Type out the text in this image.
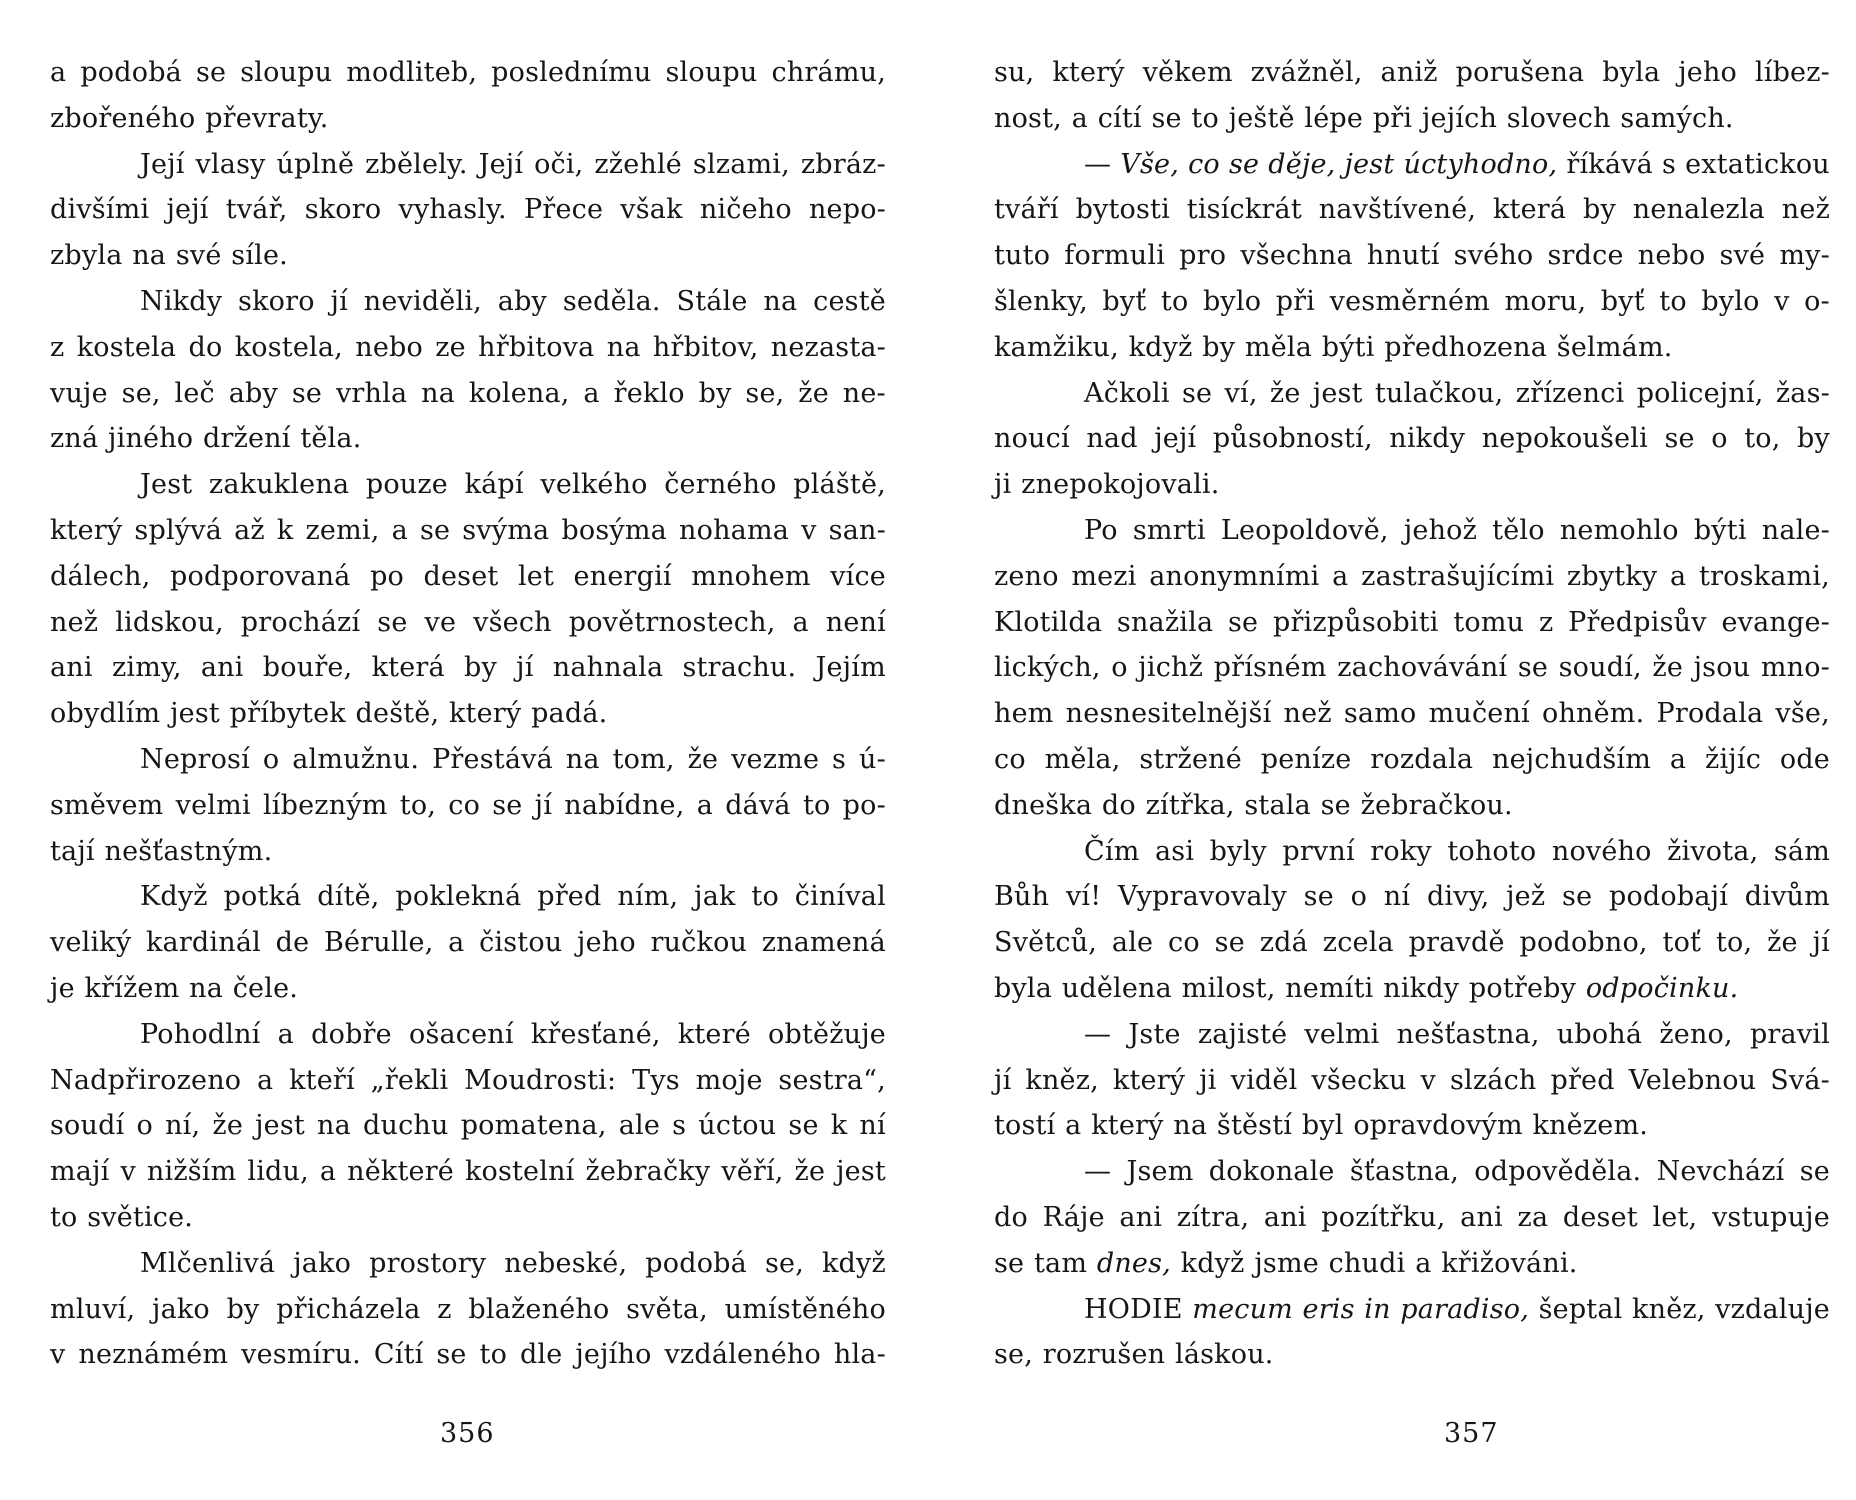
a podobá se sloupu modliteb, poslednímu sloupu chrámu,
zbořeného převraty.
Její vlasy úplně zbělely. Její oči, zžehlé slzami, zbráz-
divšími její tvář, skoro vyhasly. Přece však ničeho nepo-
zbyla na své síle.
Nikdy skoro jí neviděli, aby seděla. Stále na cestě
z kostela do kostela, nebo ze hřbitova na hřbitov, nezasta-
vuje se, leč aby se vrhla na kolena, a řeklo by se, že ne-
zná jiného držení těla.
Jest zakuklena pouze kápí velkého černého pláště,
který splývá až k zemi, a se svýma bosýma nohama v san-
dálech, podporovaná po deset let energií mnohem více
než lidskou, prochází se ve všech povětrnostech, a není
ani zimy, ani bouře, která by jí nahnala strachu. Jejím
obydlím jest příbytek deště, který padá.
Neprosí o almužnu. Přestává na tom, že vezme s ú-
směvem velmi líbezným to, co se jí nabídne, a dává to po-
tají nešťastným.
Když potká dítě, poklekná před ním, jak to činíval
veliký kardinál de Bérulle, a čistou jeho ručkou znamená
je křížem na čele.
Pohodlní a dobře ošacení křesťané, které obtěžuje
Nadpřirozeno a kteří „řekli Moudrosti: Tys moje sestra“,
soudí o ní, že jest na duchu pomatena, ale s úctou se k ní
mají v nižším lidu, a některé kostelní žebračky věří, že jest
to světice.
Mlčenlivá jako prostory nebeské, podobá se, když
mluví, jako by přicházela z blaženého světa, umístěného
v neznámém vesmíru. Cítí se to dle jejího vzdáleného hla-
356
su, který věkem zvážněl, aniž porušena byla jeho líbez-
nost, a cítí se to ještě lépe při jejích slovech samých.
— Vše, co se děje, jest úctyhodno, říkává s extatickou
tváří bytosti tisíckrát navštívené, která by nenalezla než
tuto formuli pro všechna hnutí svého srdce nebo své my-
šlenky, byť to bylo při vesměrném moru, byť to bylo v o-
kamžiku, když by měla býti předhozena šelmám.
Ačkoli se ví, že jest tulačkou, zřízenci policejní, žas-
noucí nad její působností, nikdy nepokoušeli se o to, by
ji znepokojovali.
Po smrti Leopoldově, jehož tělo nemohlo býti nale-
zeno mezi anonymními a zastrašujícími zbytky a troskami,
Klotilda snažila se přizpůsobiti tomu z Předpisův evange-
lických, o jichž přísném zachovávání se soudí, že jsou mno-
hem nesnesitelnější než samo mučení ohněm. Prodala vše,
co měla, stržené peníze rozdala nejchudším a žijíc ode
dneška do zítřka, stala se žebračkou.
Čím asi byly první roky tohoto nového života, sám
Bůh ví! Vypravovaly se o ní divy, jež se podobají divům
Světců, ale co se zdá zcela pravdě podobno, toť to, že jí
byla udělena milost, nemíti nikdy potřeby odpočinku.
— Jste zajisté velmi nešťastna, ubohá ženo, pravil
jí kněz, který ji viděl všecku v slzách před Velebnou Svá-
tostí a který na štěstí byl opravdovým knězem.
— Jsem dokonale šťastna, odpověděla. Nevchází se
do Ráje ani zítra, ani pozítřku, ani za deset let, vstupuje
se tam dnes, když jsme chudi a křižováni.
HODIE mecum eris in paradiso, šeptal kněz, vzdaluje
se, rozrušen láskou.
357
